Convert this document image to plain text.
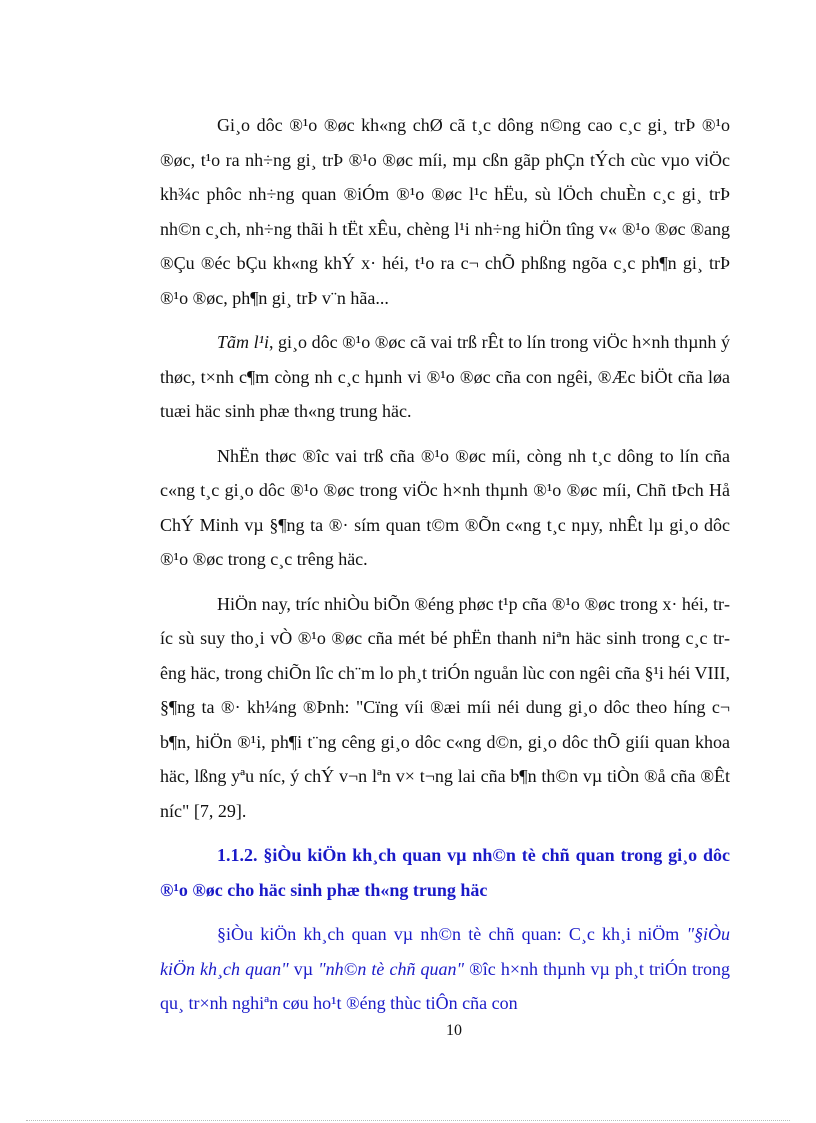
Gi¸o dôc ®¹o ®øc kh«ng chØ cã t¸c dông n©ng cao c¸c gi¸ trÞ ®¹o ®øc, t¹o ra nh÷ng gi¸ trÞ ®¹o ®øc míi, mµ cßn gãp phÇn tÝch cùc vµo viÖc kh¾c phôc nh÷ng quan ®iÓm ®¹o ®øc l¹c hËu, sù lÖch chuÈn c¸c gi¸ trÞ nh©n c¸ch, nh÷ng thãi h tËt xÊu, chèng l¹i nh÷ng hiÖn tîng v« ®¹o ®øc ®ang ®Çu ®éc bÇu kh«ng khÝ x· héi, t¹o ra c¬ chÕ phßng ngõa c¸c ph¶n gi¸ trÞ ®¹o ®øc, ph¶n gi¸ trÞ v¨n hãa...

Tãm l¹i, gi¸o dôc ®¹o ®øc cã vai trß rÊt to lín trong viÖc h×nh thµnh ý thøc, t×nh c¶m còng nh c¸c hµnh vi ®¹o ®øc cña con ngêi, ®Æc biÖt cña løa tuæi häc sinh phæ th«ng trung häc.

NhËn thøc ®îc vai trß cña ®¹o ®øc míi, còng nh t¸c dông to lín cña c«ng t¸c gi¸o dôc ®¹o ®øc trong viÖc h×nh thµnh ®¹o ®øc míi, Chñ tÞch Hå ChÝ Minh vµ §¶ng ta ®· sím quan t©m ®Õn c«ng t¸c nµy, nhÊt lµ gi¸o dôc ®¹o ®øc trong c¸c trêng häc.

HiÖn nay, tríc nhiÒu biÕn ®éng phøc t¹p cña ®¹o ®øc trong x· héi, tríc sù suy tho¸i vÒ ®¹o ®øc cña mét bé phËn thanh niªn häc sinh trong c¸c trêng häc, trong chiÕn lîc ch¨m lo ph¸t triÓn nguån lùc con ngêi cña §¹i héi VIII, §¶ng ta ®· kh¼ng ®Þnh: "Cïng víi ®æi míi néi dung gi¸o dôc theo híng c¬ b¶n, hiÖn ®¹i, ph¶i t¨ng cêng gi¸o dôc c«ng d©n, gi¸o dôc thÕ giíi quan khoa häc, lßng yªu níc, ý chÝ v¬n lªn v× t¬ng lai cña b¶n th©n vµ tiÒn ®å cña ®Êt níc" [7, 29].

1.1.2. §iÒu kiÖn kh¸ch quan vµ nh©n tè chñ quan trong gi¸o dôc ®¹o ®øc cho häc sinh phæ th«ng trung häc

§iÒu kiÖn kh¸ch quan vµ nh©n tè chñ quan: C¸c kh¸i niÖm "§iÒu kiÖn kh¸ch quan" vµ "nh©n tè chñ quan" ®îc h×nh thµnh vµ ph¸t triÓn trong qu¸ tr×nh nghiªn cøu ho¹t ®éng thùc tiÔn cña con

10
